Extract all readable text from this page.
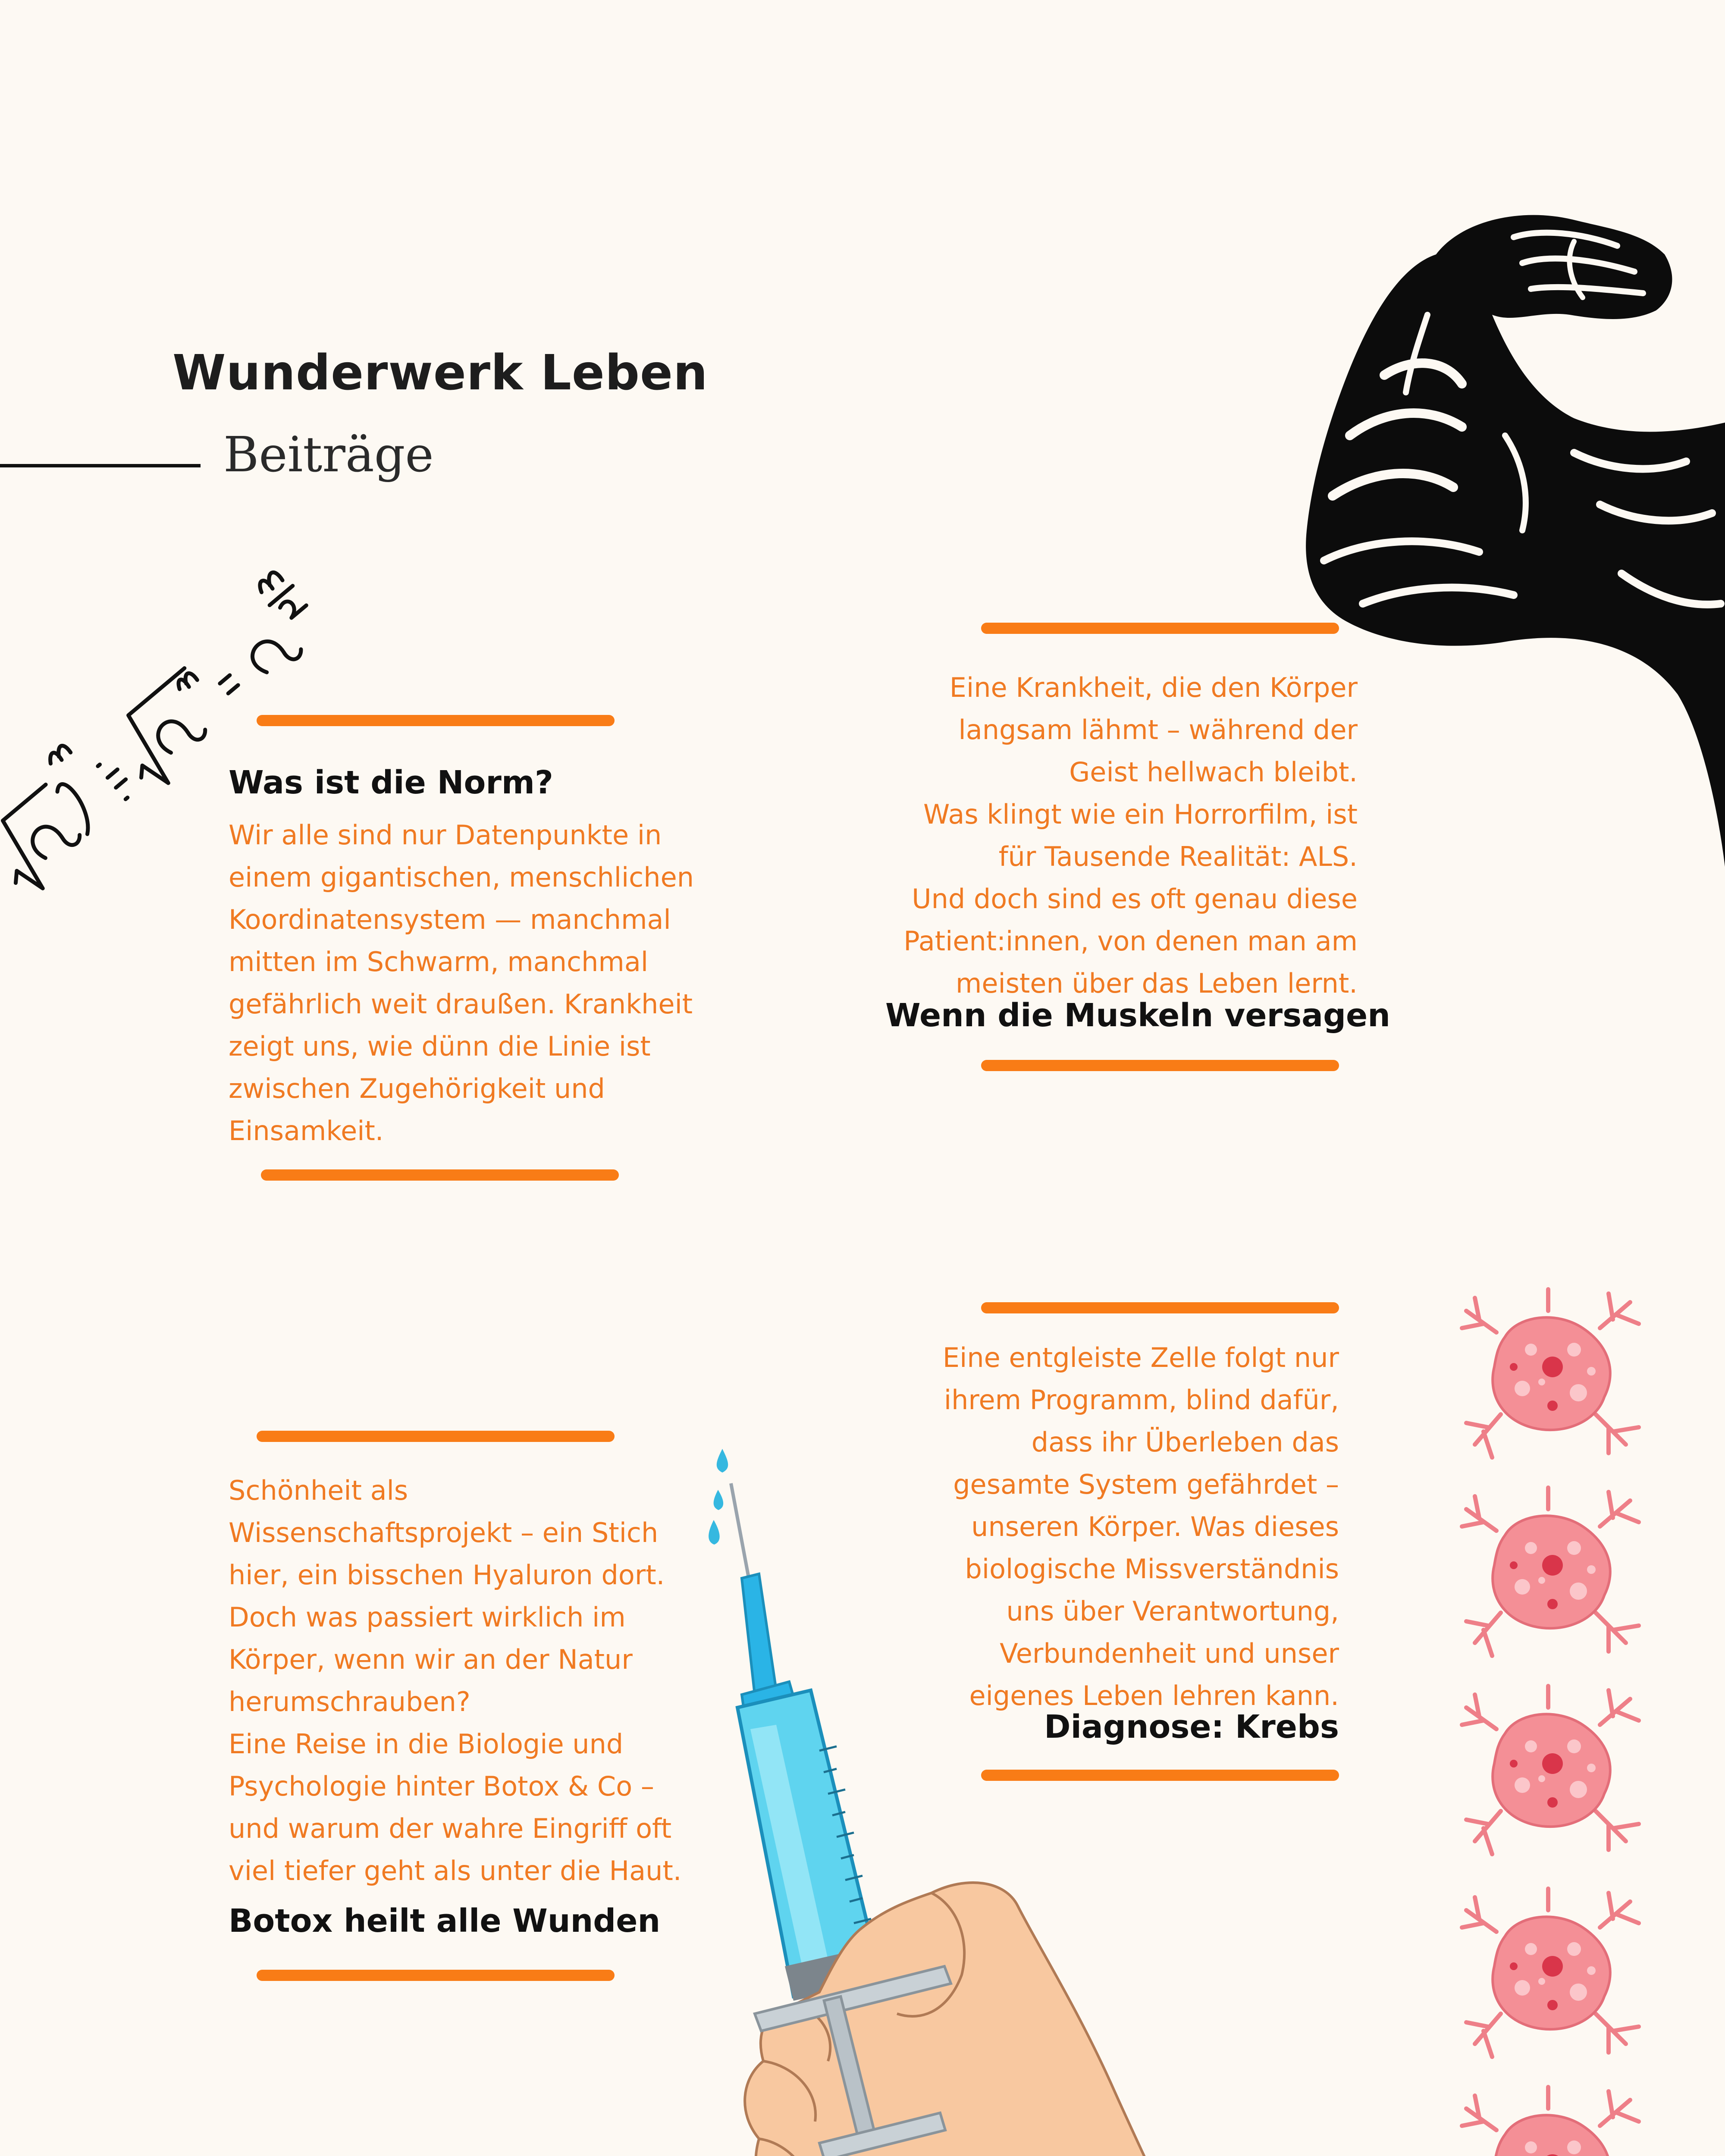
Wunderwerk Leben
Beiträge
Was ist die Norm?

Wir alle sind nur Datenpunkte in einem gigantischen, menschlichen Koordinatensystem — manchmal mitten im Schwarm, manchmal gefährlich weit draußen. Krankheit zeigt uns, wie dünn die Linie ist zwischen Zugehörigkeit und Einsamkeit.

Eine Krankheit, die den Körper langsam lähmt – während der Geist hellwach bleibt.

Was klingt wie ein Horrorfilm, ist für Tausende Realität: ALS.

Und doch sind es oft genau diese Patient:innen, von denen man am meisten über das Leben lernt.

Wenn die Muskeln versagen

Schönheit als Wissenschaftsprojekt – ein Stich hier, ein bisschen Hyaluron dort. Doch was passiert wirklich im Körper, wenn wir an der Natur herumschrauben?

Eine Reise in die Biologie und Psychologie hinter Botox & Co – und warum der wahre Eingriff oft viel tiefer geht als unter die Haut.

Botox heilt alle Wunden

Eine entgleiste Zelle folgt nur ihrem Programm, blind dafür, dass ihr Überleben das gesamte System gefährdet – unseren Körper. Was dieses biologische Missverständnis uns über Verantwortung, Verbundenheit und unser eigenes Leben lehren kann.

Diagnose: Krebs
